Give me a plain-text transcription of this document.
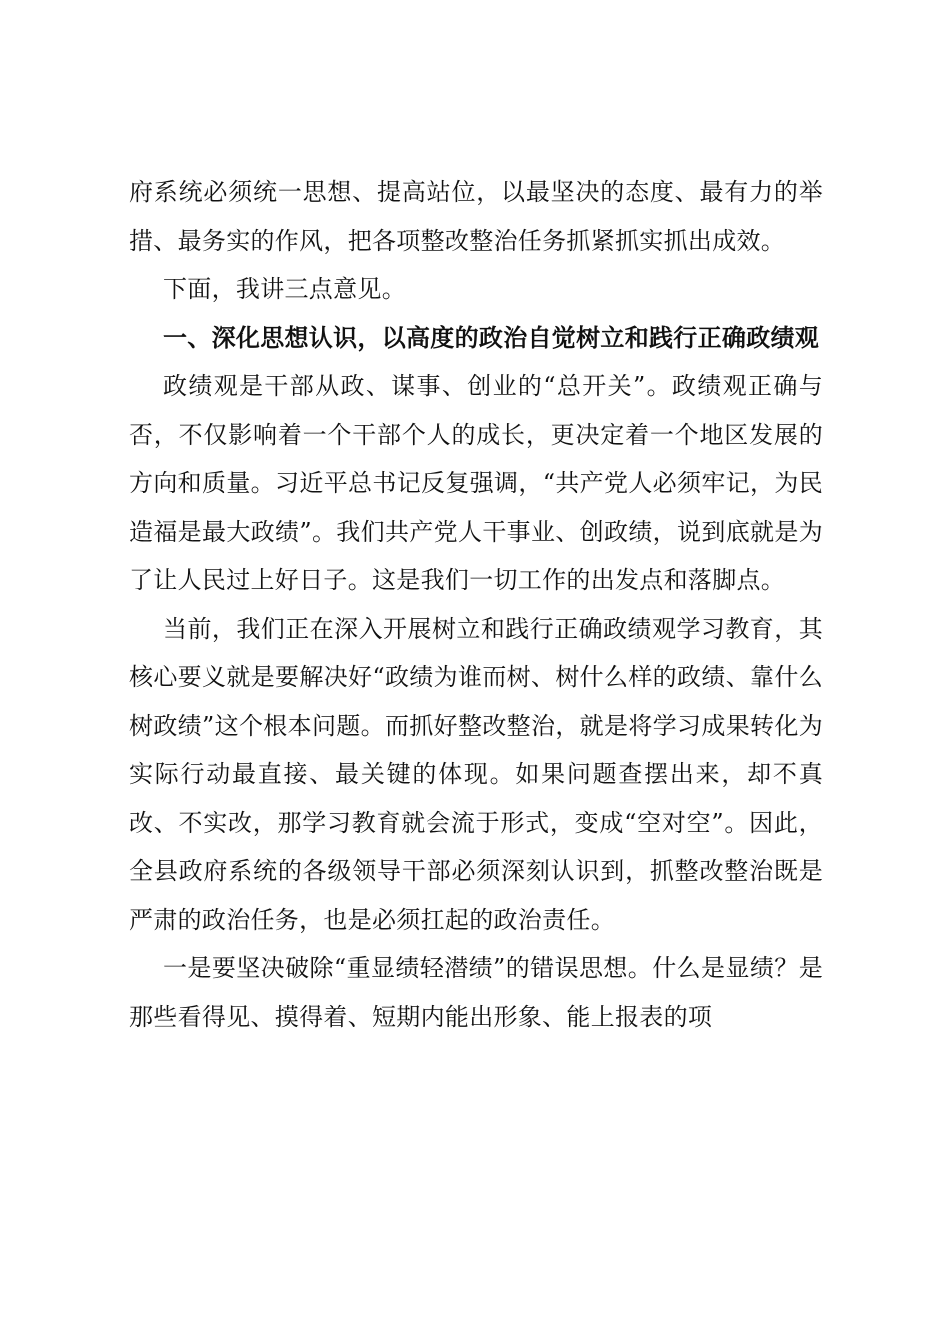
府系统必须统一思想、提高站位，以最坚决的态度、最有力的举措、最务实的作风，把各项整改整治任务抓紧抓实抓出成效。

下面，我讲三点意见。

一、深化思想认识，以高度的政治自觉树立和践行正确政绩观

政绩观是干部从政、谋事、创业的“总开关”。政绩观正确与否，不仅影响着一个干部个人的成长，更决定着一个地区发展的方向和质量。习近平总书记反复强调，“共产党人必须牢记，为民造福是最大政绩”。我们共产党人干事业、创政绩，说到底就是为了让人民过上好日子。这是我们一切工作的出发点和落脚点。

当前，我们正在深入开展树立和践行正确政绩观学习教育，其核心要义就是要解决好“政绩为谁而树、树什么样的政绩、靠什么树政绩”这个根本问题。而抓好整改整治，就是将学习成果转化为实际行动最直接、最关键的体现。如果问题查摆出来，却不真改、不实改，那学习教育就会流于形式，变成“空对空”。因此，全县政府系统的各级领导干部必须深刻认识到，抓整改整治既是严肃的政治任务，也是必须扛起的政治责任。

一是要坚决破除“重显绩轻潜绩”的错误思想。什么是显绩？是那些看得见、摸得着、短期内能出形象、能上报表的项
